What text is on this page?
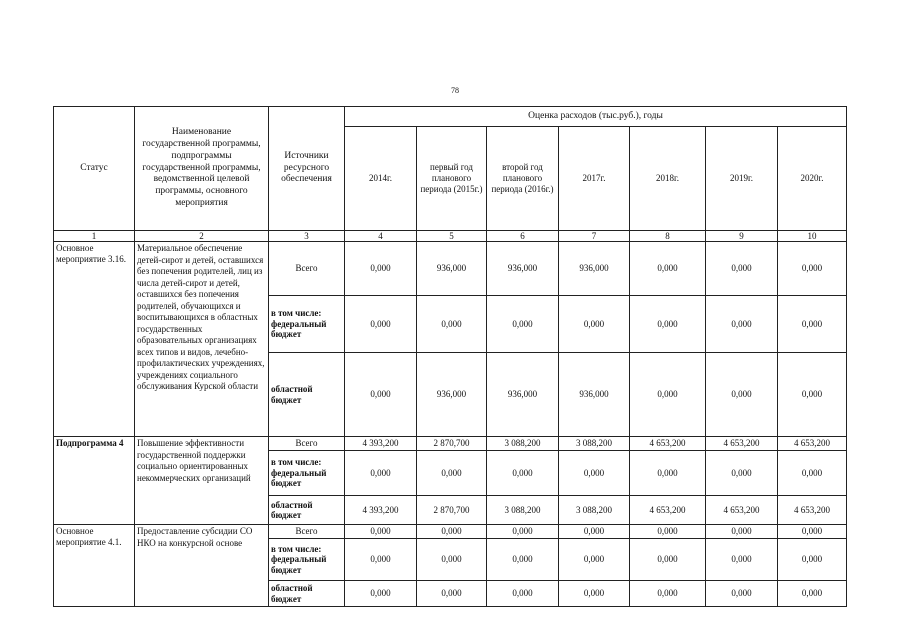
78
Статус	Наименование государственной программы, подпрограммы государственной программы, ведомственной целевой программы, основного мероприятия	Источники ресурсного обеспечения	Оценка расходов (тыс.руб.), годы						
			2014г.	первый год планового периода (2015г.)	второй год планового периода (2016г.)	2017г.	2018г.	2019г.	2020г.
1	2	3	4	5	6	7	8	9	10
Основное мероприятие 3.16.	Материальное обеспечение детей-сирот и детей, оставшихся без попечения родителей, лиц из числа детей-сирот и детей, оставшихся без попечения родителей, обучающихся и воспитывающихся в областных государственных образовательных организациях всех типов и видов, лечебно-профилактических учреждениях, учреждениях социального обслуживания Курской области	Всего	0,000	936,000	936,000	936,000	0,000	0,000	0,000
		в том числе: федеральный бюджет	0,000	0,000	0,000	0,000	0,000	0,000	0,000
		областной бюджет	0,000	936,000	936,000	936,000	0,000	0,000	0,000
Подпрограмма 4	Повышение эффективности государственной поддержки социально ориентированных некоммерческих организаций	Всего	4 393,200	2 870,700	3 088,200	3 088,200	4 653,200	4 653,200	4 653,200
		в том числе: федеральный бюджет	0,000	0,000	0,000	0,000	0,000	0,000	0,000
		областной бюджет	4 393,200	2 870,700	3 088,200	3 088,200	4 653,200	4 653,200	4 653,200
Основное мероприятие 4.1.	Предоставление субсидии СО НКО на конкурсной основе	Всего	0,000	0,000	0,000	0,000	0,000	0,000	0,000
		в том числе: федеральный бюджет	0,000	0,000	0,000	0,000	0,000	0,000	0,000
		областной бюджет	0,000	0,000	0,000	0,000	0,000	0,000	0,000
